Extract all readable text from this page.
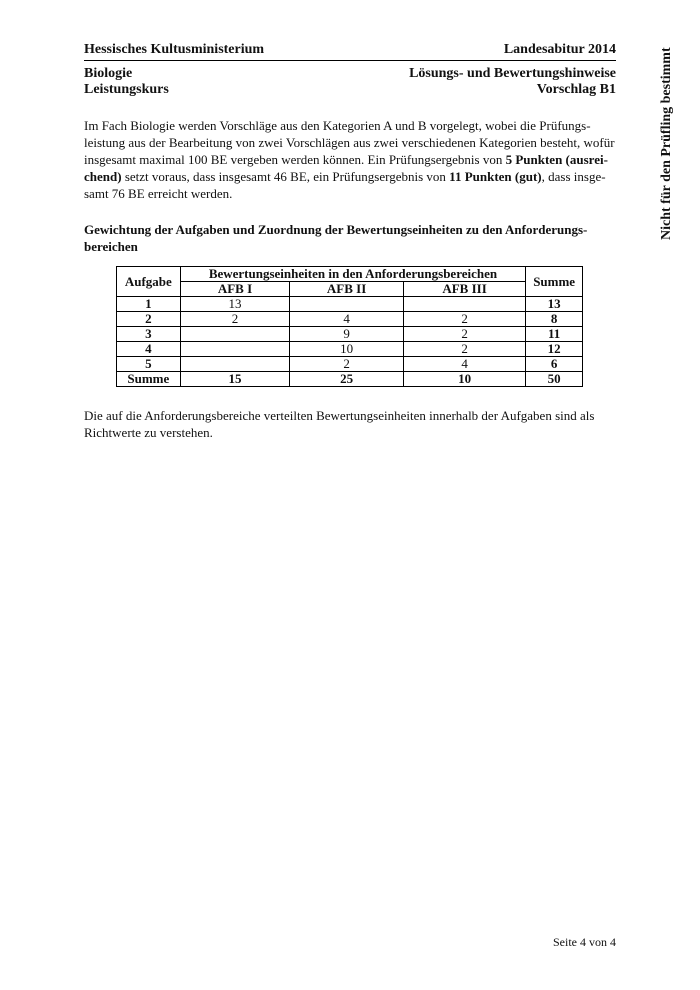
Hessisches Kultusministerium	Landesabitur 2014
Biologie	Lösungs- und Bewertungshinweise
Leistungskurs	Vorschlag B1	Nicht für den Prüfling bestimmt
Im Fach Biologie werden Vorschläge aus den Kategorien A und B vorgelegt, wobei die Prüfungsleistung aus der Bearbeitung von zwei Vorschlägen aus zwei verschiedenen Kategorien besteht, wofür insgesamt maximal 100 BE vergeben werden können. Ein Prüfungsergebnis von 5 Punkten (ausreichend) setzt voraus, dass insgesamt 46 BE, ein Prüfungsergebnis von 11 Punkten (gut), dass insgesamt 76 BE erreicht werden.
Gewichtung der Aufgaben und Zuordnung der Bewertungseinheiten zu den Anforderungsbereichen
Aufgabe	Bewertungseinheiten in den Anforderungsbereichen			Summe
	AFB I	AFB II	AFB III	
1	13			13
2	2	4	2	8
3		9	2	11
4		10	2	12
5		2	4	6
Summe	15	25	10	50
Die auf die Anforderungsbereiche verteilten Bewertungseinheiten innerhalb der Aufgaben sind als Richtwerte zu verstehen.
Seite 4 von 4
